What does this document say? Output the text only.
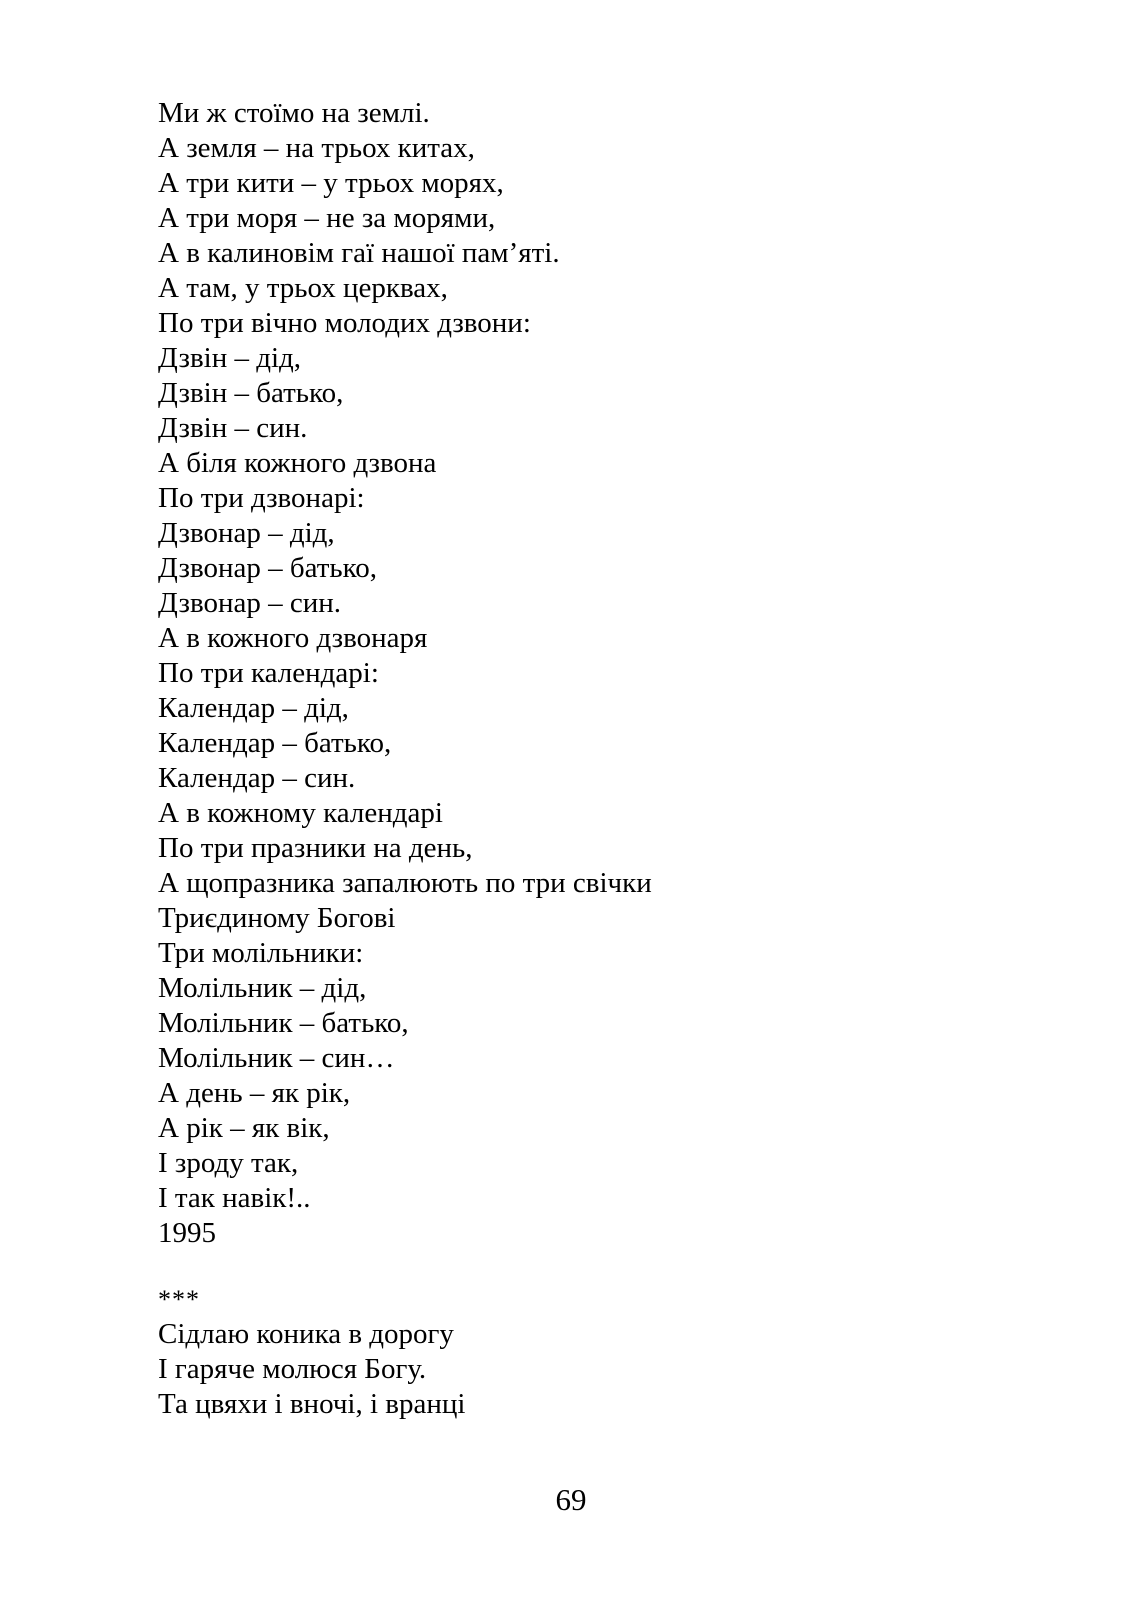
Ми ж стоїмо на землі.
А земля – на трьох китах,
А три кити – у трьох морях,
А три моря – не за морями,
А в калиновім гаї нашої пам’яті.
А там, у трьох церквах,
По три вічно молодих дзвони:
Дзвін – дід,
Дзвін – батько,
Дзвін – син.
А біля кожного дзвона
По три дзвонарі:
Дзвонар – дід,
Дзвонар – батько,
Дзвонар – син.
А в кожного дзвонаря
По три календарі:
Календар – дід,
Календар – батько,
Календар – син.
А в кожному календарі
По три празники на день,
А щопразника запалюють по три свічки
Триєдиному Богові
Три молільники:
Молільник – дід,
Молільник – батько,
Молільник – син…
А день – як рік,
А рік – як вік,
І зроду так,
І так навік!..
1995
***
Сідлаю коника в дорогу
І гаряче молюся Богу.
Та цвяхи і вночі, і вранці
69
